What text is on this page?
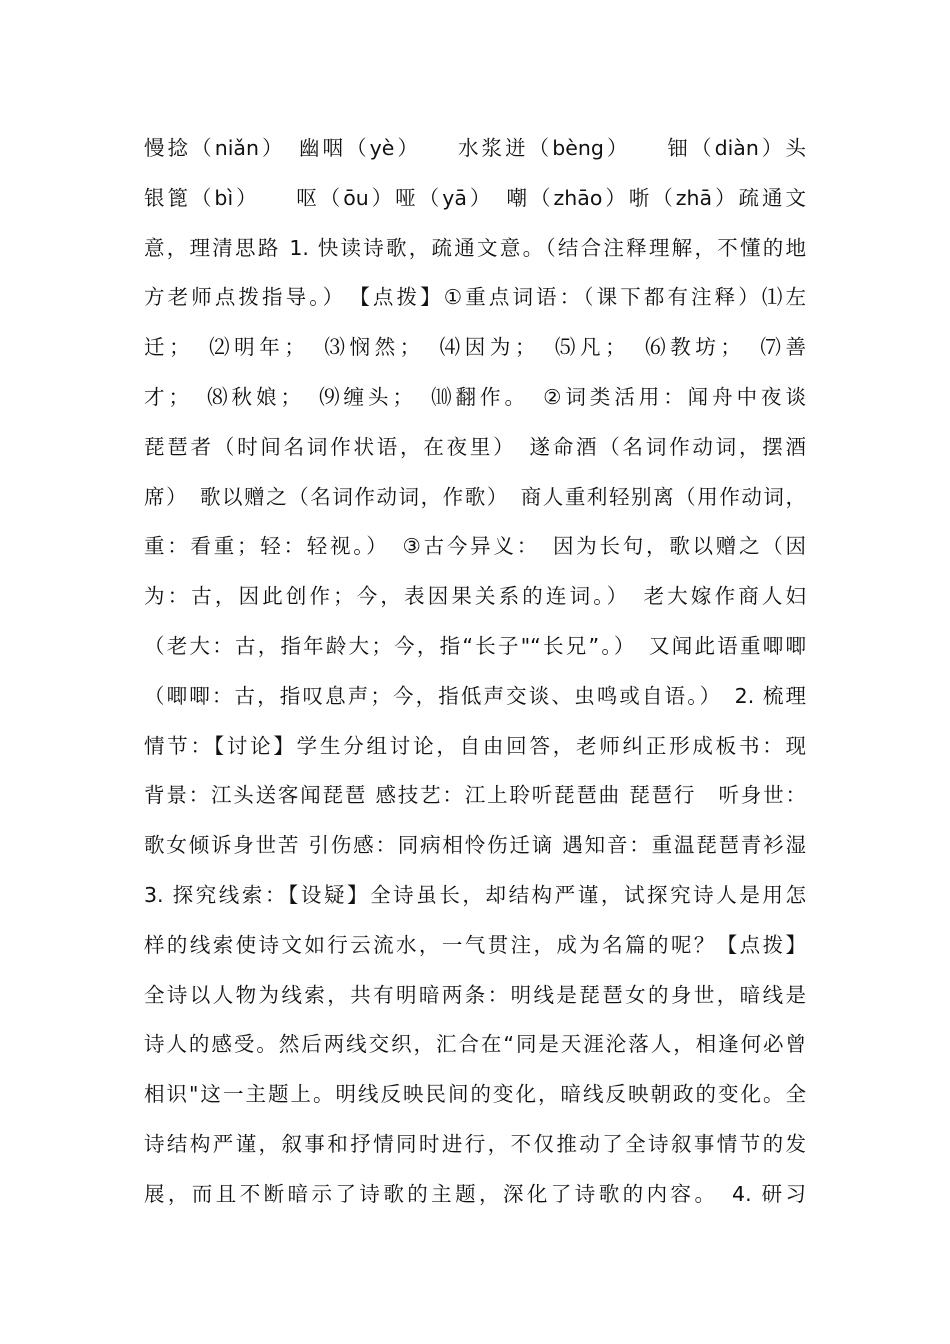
慢捻（niǎn）　幽咽（yè）　　水浆迸（bèng）　　钿（diàn）头
银篦（bì）　　呕（ōu）哑（yā）　嘲（zhāo）哳（zhā）疏通文
意，理清思路 1. 快读诗歌，疏通文意。（结合注释理解，不懂的地
方老师点拨指导。）　【点拨】①重点词语：（课下都有注释）⑴左
迁；　⑵明年；　⑶悯然；　⑷因为；　⑸凡；　⑹教坊；　⑺善
才；　⑻秋娘；　⑼缠头；　⑽翻作。　②词类活用：闻舟中夜谈
琵琶者（时间名词作状语，在夜里）　遂命酒（名词作动词，摆酒
席）　歌以赠之（名词作动词，作歌）　商人重利轻别离（用作动词，
重：看重；轻：轻视。）　③古今异义：　因为长句，歌以赠之（因
为：古，因此创作；今，表因果关系的连词。）　老大嫁作商人妇
（老大：古，指年龄大；今，指“长子"“长兄”。）　又闻此语重唧唧
（唧唧：古，指叹息声；今，指低声交谈、虫鸣或自语。）　2. 梳理
情节：【讨论】学生分组讨论，自由回答，老师纠正形成板书：现
背景：江头送客闻琵琶 感技艺：江上聆听琵琶曲 琵琶行　听身世：
歌女倾诉身世苦 引伤感：同病相怜伤迁谪 遇知音：重温琵琶青衫湿
3. 探究线索：【设疑】全诗虽长，却结构严谨，试探究诗人是用怎
样的线索使诗文如行云流水，一气贯注，成为名篇的呢？【点拨】
全诗以人物为线索，共有明暗两条：明线是琵琶女的身世，暗线是
诗人的感受。然后两线交织，汇合在“同是天涯沦落人，相逢何必曾
相识"这一主题上。明线反映民间的变化，暗线反映朝政的变化。全
诗结构严谨，叙事和抒情同时进行，不仅推动了全诗叙事情节的发
展，而且不断暗示了诗歌的主题，深化了诗歌的内容。　4. 研习
